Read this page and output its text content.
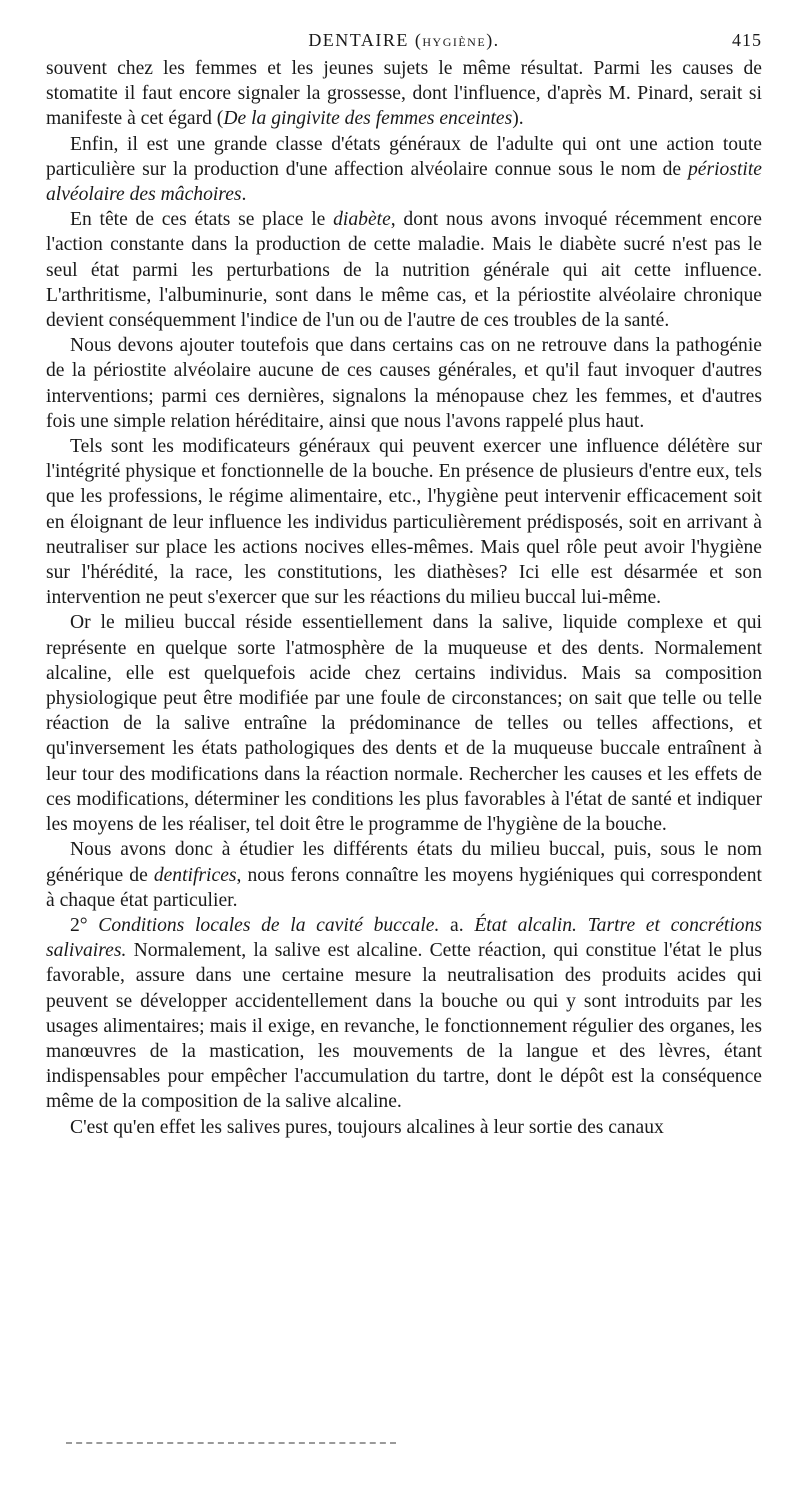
DENTAIRE (HYGIÈNE).	415

souvent chez les femmes et les jeunes sujets le même résultat. Parmi les causes de stomatite il faut encore signaler la grossesse, dont l'influence, d'après M. Pinard, serait si manifeste à cet égard (De la gingivite des femmes enceintes).

Enfin, il est une grande classe d'états généraux de l'adulte qui ont une action toute particulière sur la production d'une affection alvéolaire connue sous le nom de périostite alvéolaire des mâchoires.

En tête de ces états se place le diabète, dont nous avons invoqué récemment encore l'action constante dans la production de cette maladie. Mais le diabète sucré n'est pas le seul état parmi les perturbations de la nutrition générale qui ait cette influence. L'arthritisme, l'albuminurie, sont dans le même cas, et la périostite alvéolaire chronique devient conséquemment l'indice de l'un ou de l'autre de ces troubles de la santé.

Nous devons ajouter toutefois que dans certains cas on ne retrouve dans la pathogénie de la périostite alvéolaire aucune de ces causes générales, et qu'il faut invoquer d'autres interventions; parmi ces dernières, signalons la ménopause chez les femmes, et d'autres fois une simple relation héréditaire, ainsi que nous l'avons rappelé plus haut.

Tels sont les modificateurs généraux qui peuvent exercer une influence délétère sur l'intégrité physique et fonctionnelle de la bouche. En présence de plusieurs d'entre eux, tels que les professions, le régime alimentaire, etc., l'hygiène peut intervenir efficacement soit en éloignant de leur influence les individus particulièrement prédisposés, soit en arrivant à neutraliser sur place les actions nocives elles-mêmes. Mais quel rôle peut avoir l'hygiène sur l'hérédité, la race, les constitutions, les diathèses? Ici elle est désarmée et son intervention ne peut s'exercer que sur les réactions du milieu buccal lui-même.

Or le milieu buccal réside essentiellement dans la salive, liquide complexe et qui représente en quelque sorte l'atmosphère de la muqueuse et des dents. Normalement alcaline, elle est quelquefois acide chez certains individus. Mais sa composition physiologique peut être modifiée par une foule de circonstances; on sait que telle ou telle réaction de la salive entraîne la prédominance de telles ou telles affections, et qu'inversement les états pathologiques des dents et de la muqueuse buccale entraînent à leur tour des modifications dans la réaction normale. Rechercher les causes et les effets de ces modifications, déterminer les conditions les plus favorables à l'état de santé et indiquer les moyens de les réaliser, tel doit être le programme de l'hygiène de la bouche.

Nous avons donc à étudier les différents états du milieu buccal, puis, sous le nom générique de dentifrices, nous ferons connaître les moyens hygiéniques qui correspondent à chaque état particulier.

2° Conditions locales de la cavité buccale. a. État alcalin. Tartre et concrétions salivaires. Normalement, la salive est alcaline. Cette réaction, qui constitue l'état le plus favorable, assure dans une certaine mesure la neutralisation des produits acides qui peuvent se développer accidentellement dans la bouche ou qui y sont introduits par les usages alimentaires; mais il exige, en revanche, le fonctionnement régulier des organes, les manœuvres de la mastication, les mouvements de la langue et des lèvres, étant indispensables pour empêcher l'accumulation du tartre, dont le dépôt est la conséquence même de la composition de la salive alcaline.

C'est qu'en effet les salives pures, toujours alcalines à leur sortie des canaux
